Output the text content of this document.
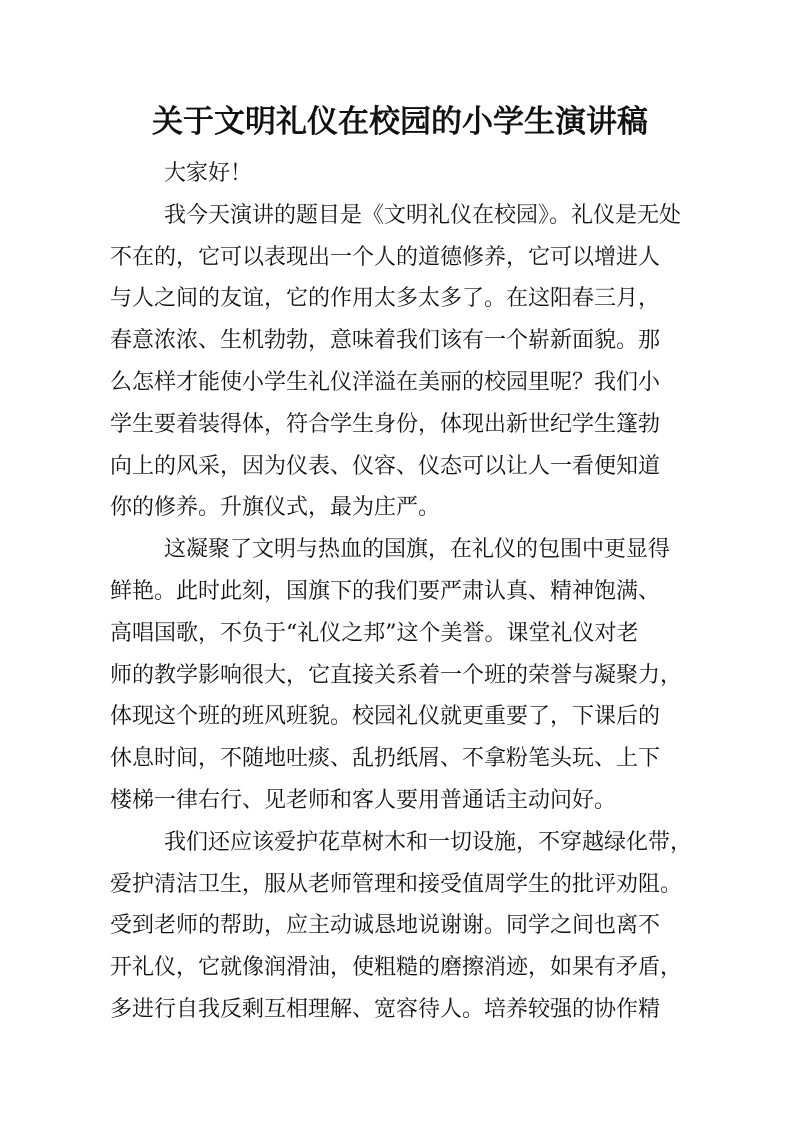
关于文明礼仪在校园的小学生演讲稿
大家好！
我今天演讲的题目是《文明礼仪在校园》。礼仪是无处
不在的，它可以表现出一个人的道德修养，它可以增进人
与人之间的友谊，它的作用太多太多了。在这阳春三月，
春意浓浓、生机勃勃，意味着我们该有一个崭新面貌。那
么怎样才能使小学生礼仪洋溢在美丽的校园里呢？我们小
学生要着装得体，符合学生身份，体现出新世纪学生篷勃
向上的风采，因为仪表、仪容、仪态可以让人一看便知道
你的修养。升旗仪式，最为庄严。
这凝聚了文明与热血的国旗，在礼仪的包围中更显得
鲜艳。此时此刻，国旗下的我们要严肃认真、精神饱满、
高唱国歌，不负于“礼仪之邦”这个美誉。课堂礼仪对老
师的教学影响很大，它直接关系着一个班的荣誉与凝聚力，
体现这个班的班风班貌。校园礼仪就更重要了，下课后的
休息时间，不随地吐痰、乱扔纸屑、不拿粉笔头玩、上下
楼梯一律右行、见老师和客人要用普通话主动问好。
我们还应该爱护花草树木和一切设施，不穿越绿化带，
爱护清洁卫生，服从老师管理和接受值周学生的批评劝阻。
受到老师的帮助，应主动诚恳地说谢谢。同学之间也离不
开礼仪，它就像润滑油，使粗糙的磨擦消迹，如果有矛盾，
多进行自我反剩互相理解、宽容待人。培养较强的协作精
